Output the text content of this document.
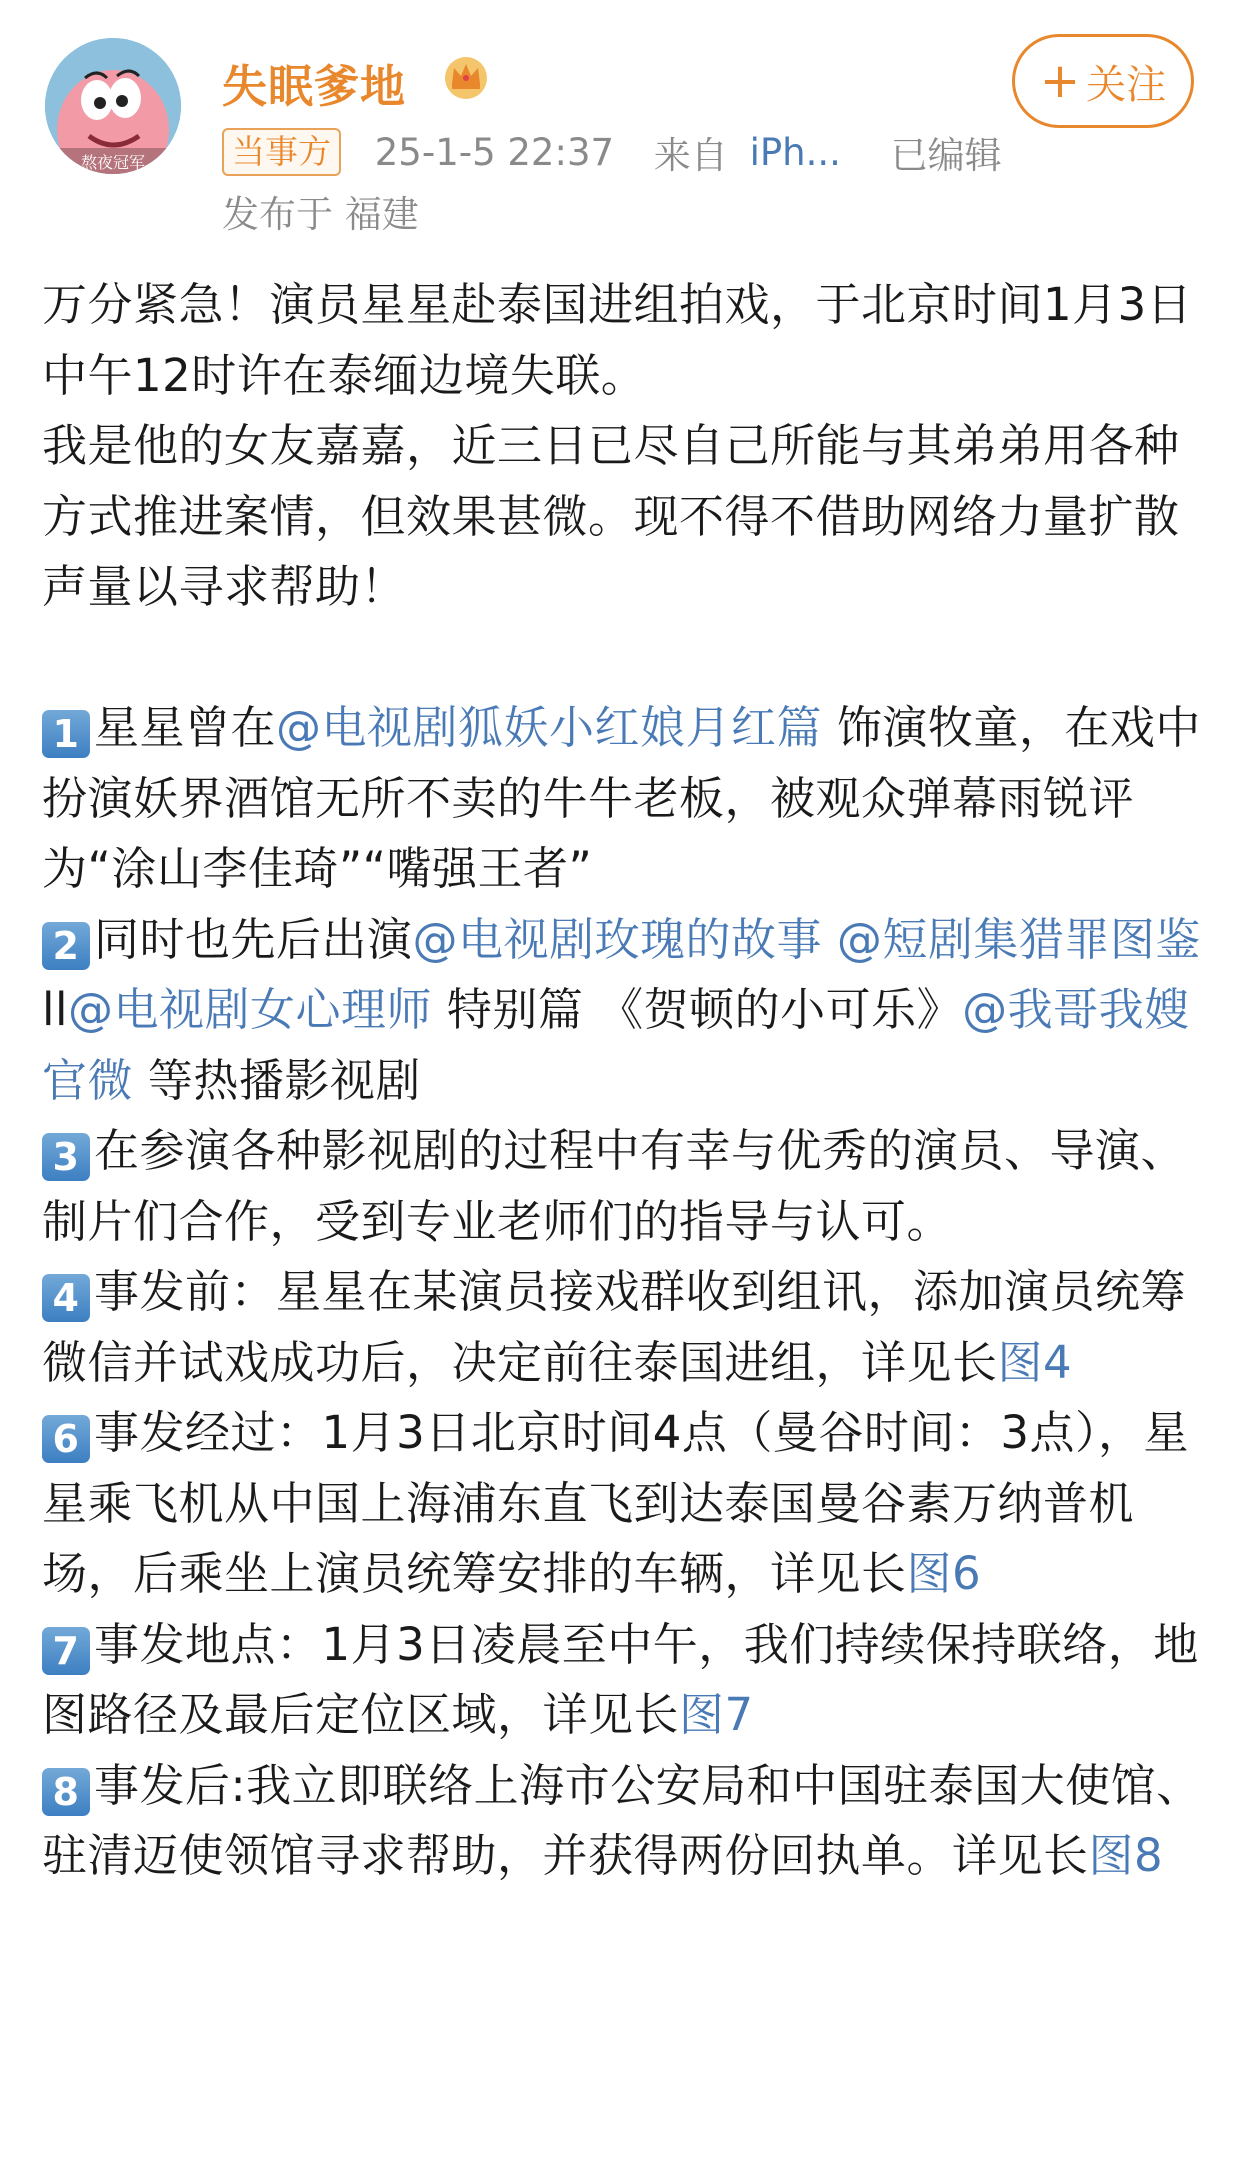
熬夜冠军
失眠爹地
当事方 25-1-5 22:37 来自 iPh... 已编辑
发布于 福建
+ 关注

万分紧急！演员星星赴泰国进组拍戏，于北京时间1月3日中午12时许在泰缅边境失联。

我是他的女友嘉嘉，近三日已尽自己所能与其弟弟用各种方式推进案情，但效果甚微。现不得不借助网络力量扩散声量以寻求帮助！

1 星星曾在@电视剧狐妖小红娘月红篇 饰演牧童，在戏中扮演妖界酒馆无所不卖的牛牛老板，被观众弹幕雨锐评为“涂山李佳琦”“嘴强王者”

2 同时也先后出演@电视剧玫瑰的故事 @短剧集猎罪图鉴 ll@电视剧女心理师 特别篇 《贺顿的小可乐》@我哥我嫂官微 等热播影视剧

3 在参演各种影视剧的过程中有幸与优秀的演员、导演、制片们合作，受到专业老师们的指导与认可。

4 事发前：星星在某演员接戏群收到组讯，添加演员统筹微信并试戏成功后，决定前往泰国进组，详见长图4

6 事发经过：1月3日北京时间4点（曼谷时间：3点），星星乘飞机从中国上海浦东直飞到达泰国曼谷素万纳普机场，后乘坐上演员统筹安排的车辆，详见长图6

7 事发地点：1月3日凌晨至中午，我们持续保持联络，地图路径及最后定位区域，详见长图7

8 事发后:我立即联络上海市公安局和中国驻泰国大使馆、驻清迈使领馆寻求帮助，并获得两份回执单。详见长图8
